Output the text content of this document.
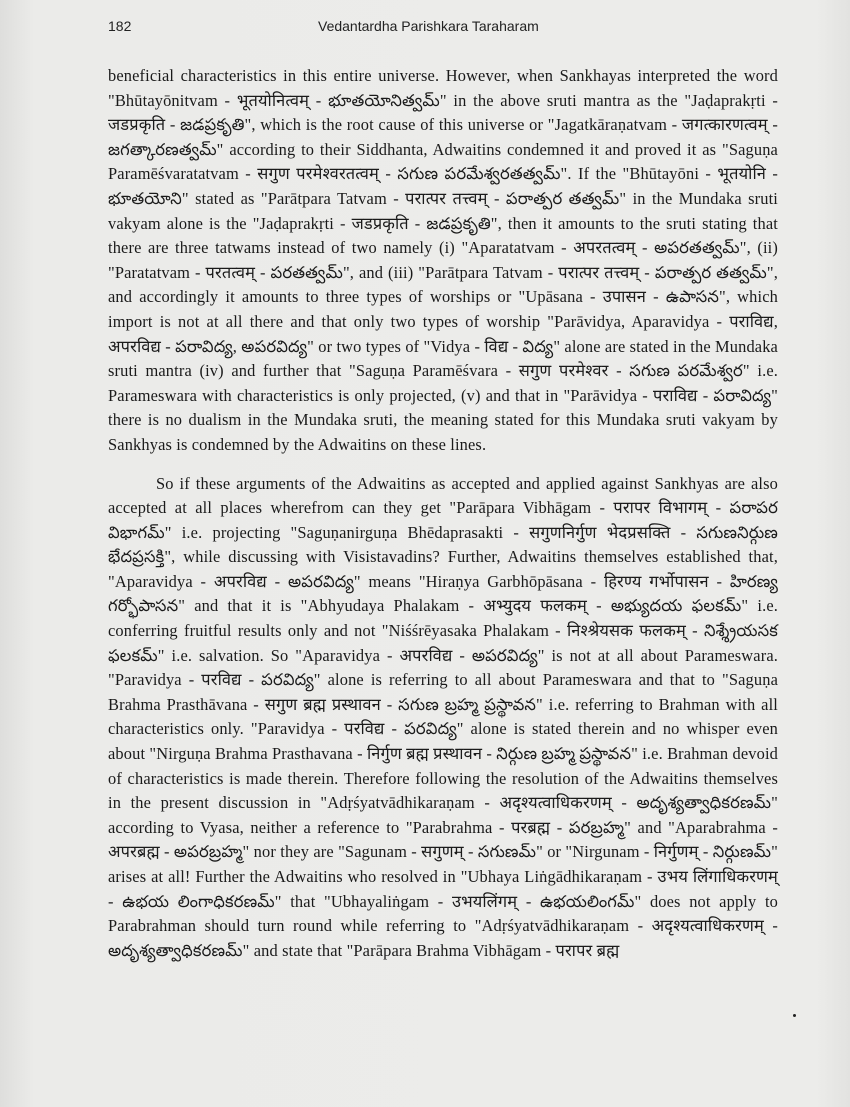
182	Vedantardha Parishkara Taraharam

beneficial characteristics in this entire universe. However, when Sankhayas interpreted the word "Bhūtayōnitvam - भूतयोनित्वम् - భూతయోనిత్వమ్" in the above sruti mantra as the "Jaḍaprakṛti - जडप्रकृति - జడప్రకృతి", which is the root cause of this universe or "Jagatkāraṇatvam - जगत्कारणत्वम् - జగత్కారణత్వమ్" according to their Siddhanta, Adwaitins condemned it and proved it as "Saguṇa Paramēśvaratatvam - सगुण परमेश्वरतत्वम् - సగుణ పరమేశ్వరతత్వమ్". If the "Bhūtayōni - भूतयोनि - భూతయోని" stated as "Parātpara Tatvam - परात्पर तत्त्वम् - పరాత్పర తత్వమ్" in the Mundaka sruti vakyam alone is the "Jaḍaprakṛti - जडप्रकृति - జడప్రకృతి", then it amounts to the sruti stating that there are three tatwams instead of two namely (i) "Aparatatvam - अपरतत्वम् - అపరతత్వమ్", (ii) "Paratatvam - परतत्वम् - పరతత్వమ్", and (iii) "Parātpara Tatvam - परात्पर तत्त्वम् - పరాత్పర తత్వమ్", and accordingly it amounts to three types of worships or "Upāsana - उपासन - ఉపాసన", which import is not at all there and that only two types of worship "Parāvidya, Aparavidya - पराविद्य, अपरविद्य - పరావిద్య, అపరవిద్య" or two types of "Vidya - विद्य - విద్య" alone are stated in the Mundaka sruti mantra (iv) and further that "Saguṇa Paramēśvara - सगुण परमेश्वर - సగుణ పరమేశ్వర" i.e. Parameswara with characteristics is only projected, (v) and that in "Parāvidya - पराविद्य - పరావిద్య" there is no dualism in the Mundaka sruti, the meaning stated for this Mundaka sruti vakyam by Sankhyas is condemned by the Adwaitins on these lines.

So if these arguments of the Adwaitins as accepted and applied against Sankhyas are also accepted at all places wherefrom can they get "Parāpara Vibhāgam - परापर विभागम् - పరాపర విభాగమ్" i.e. projecting "Saguṇanirguṇa Bhēdaprasakti - सगुणनिर्गुण भेदप्रसक्ति - సగుణనిర్గుణ భేదప్రసక్తి", while discussing with Visistavadins? Further, Adwaitins themselves established that, "Aparavidya - अपरविद्य - అపరవిద్య" means "Hiraṇya Garbhōpāsana - हिरण्य गर्भोपासन - హిరణ్య గర్భోపాసన" and that it is "Abhyudaya Phalakam - अभ्युदय फलकम् - అభ్యుదయ ఫలకమ్" i.e. conferring fruitful results only and not "Niśśrēyasaka Phalakam - निश्श्रेयसक फलकम् - నిశ్శ్రేయసక ఫలకమ్" i.e. salvation. So "Aparavidya - अपरविद्य - అపరవిద్య" is not at all about Parameswara. "Paravidya - परविद्य - పరవిద్య" alone is referring to all about Parameswara and that to "Saguṇa Brahma Prasthāvana - सगुण ब्रह्म प्रस्थावन - సగుణ బ్రహ్మ ప్రస్థావన" i.e. referring to Brahman with all characteristics only. "Paravidya - परविद्य - పరవిద్య" alone is stated therein and no whisper even about "Nirguṇa Brahma Prasthavana - निर्गुण ब्रह्म प्रस्थावन - నిర్గుణ బ్రహ్మ ప్రస్థావన" i.e. Brahman devoid of characteristics is made therein. Therefore following the resolution of the Adwaitins themselves in the present discussion in "Adṛśyatvādhikaraṇam - अदृश्यत्वाधिकरणम् - అదృశ్యత్వాధికరణమ్" according to Vyasa, neither a reference to "Parabrahma - परब्रह्म - పరబ్రహ్మ" and "Aparabrahma - अपरब्रह्म - అపరబ్రహ్మ" nor they are "Sagunam - सगुणम् - సగుణమ్" or "Nirgunam - निर्गुणम् - నిర్గుణమ్" arises at all! Further the Adwaitins who resolved in "Ubhaya Liṅgādhikaraṇam - उभय लिंगाधिकरणम् - ఉభయ లింగాధికరణమ్" that "Ubhayaliṅgam - उभयलिंगम् - ఉభయలింగమ్" does not apply to Parabrahman should turn round while referring to "Adṛśyatvādhikaraṇam - अदृश्यत्वाधिकरणम् - అదృశ్యత్వాధికరణమ్" and state that "Parāpara Brahma Vibhāgam - परापर ब्रह्म
